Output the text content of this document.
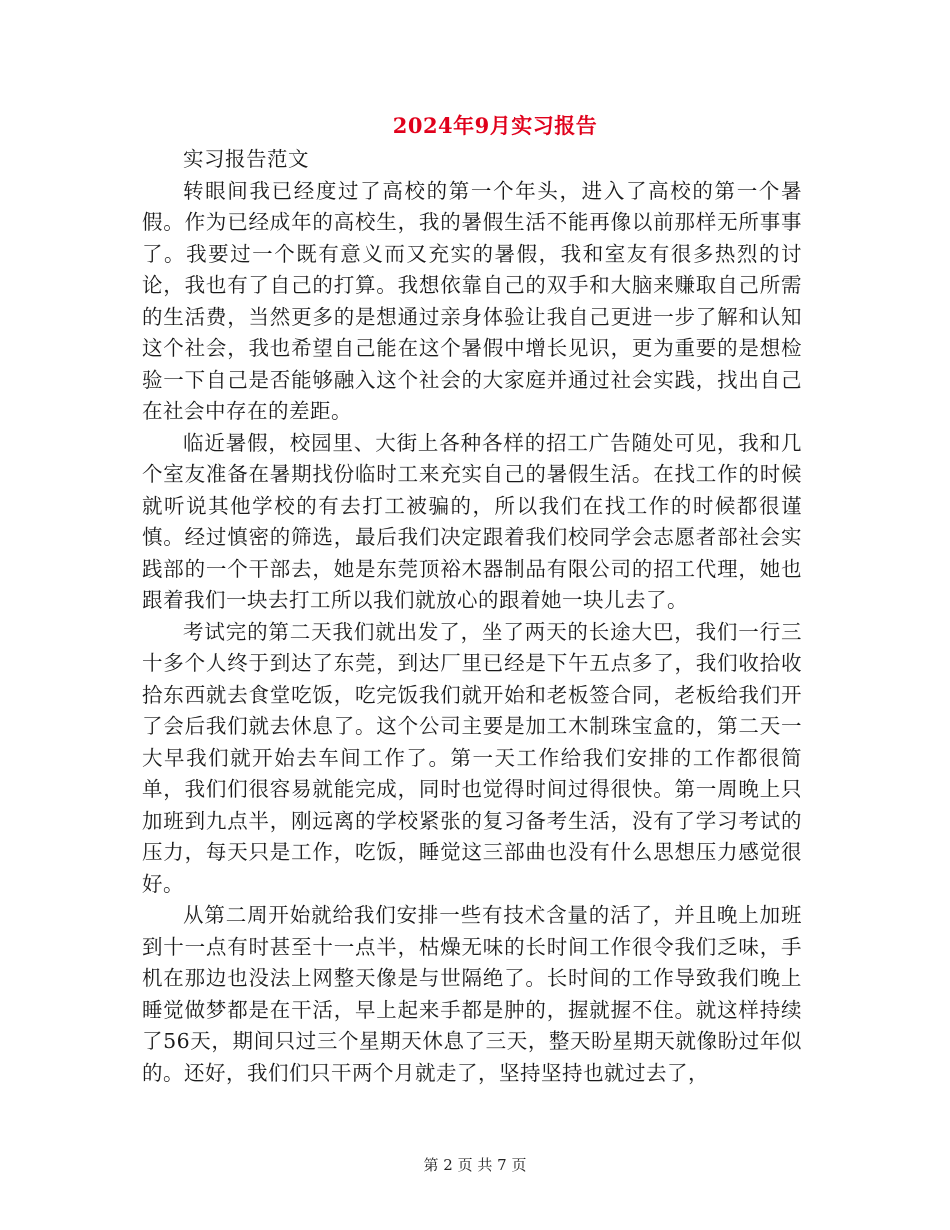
2024年9月实习报告

实习报告范文

转眼间我已经度过了高校的第一个年头，进入了高校的第一个暑假。作为已经成年的高校生，我的暑假生活不能再像以前那样无所事事了。我要过一个既有意义而又充实的暑假，我和室友有很多热烈的讨论，我也有了自己的打算。我想依靠自己的双手和大脑来赚取自己所需的生活费，当然更多的是想通过亲身体验让我自己更进一步了解和认知这个社会，我也希望自己能在这个暑假中增长见识，更为重要的是想检验一下自己是否能够融入这个社会的大家庭并通过社会实践，找出自己在社会中存在的差距。

临近暑假，校园里、大街上各种各样的招工广告随处可见，我和几个室友准备在暑期找份临时工来充实自己的暑假生活。在找工作的时候就听说其他学校的有去打工被骗的，所以我们在找工作的时候都很谨慎。经过慎密的筛选，最后我们决定跟着我们校同学会志愿者部社会实践部的一个干部去，她是东莞顶裕木器制品有限公司的招工代理，她也跟着我们一块去打工所以我们就放心的跟着她一块儿去了。

考试完的第二天我们就出发了，坐了两天的长途大巴，我们一行三十多个人终于到达了东莞，到达厂里已经是下午五点多了，我们收拾收拾东西就去食堂吃饭，吃完饭我们就开始和老板签合同，老板给我们开了会后我们就去休息了。这个公司主要是加工木制珠宝盒的，第二天一大早我们就开始去车间工作了。第一天工作给我们安排的工作都很简单，我们们很容易就能完成，同时也觉得时间过得很快。第一周晚上只加班到九点半，刚远离的学校紧张的复习备考生活，没有了学习考试的压力，每天只是工作，吃饭，睡觉这三部曲也没有什么思想压力感觉很好。

从第二周开始就给我们安排一些有技术含量的活了，并且晚上加班到十一点有时甚至十一点半，枯燥无味的长时间工作很令我们乏味，手机在那边也没法上网整天像是与世隔绝了。长时间的工作导致我们晚上睡觉做梦都是在干活，早上起来手都是肿的，握就握不住。就这样持续了56天，期间只过三个星期天休息了三天，整天盼星期天就像盼过年似的。还好，我们们只干两个月就走了，坚持坚持也就过去了，

第 2 页 共 7 页
